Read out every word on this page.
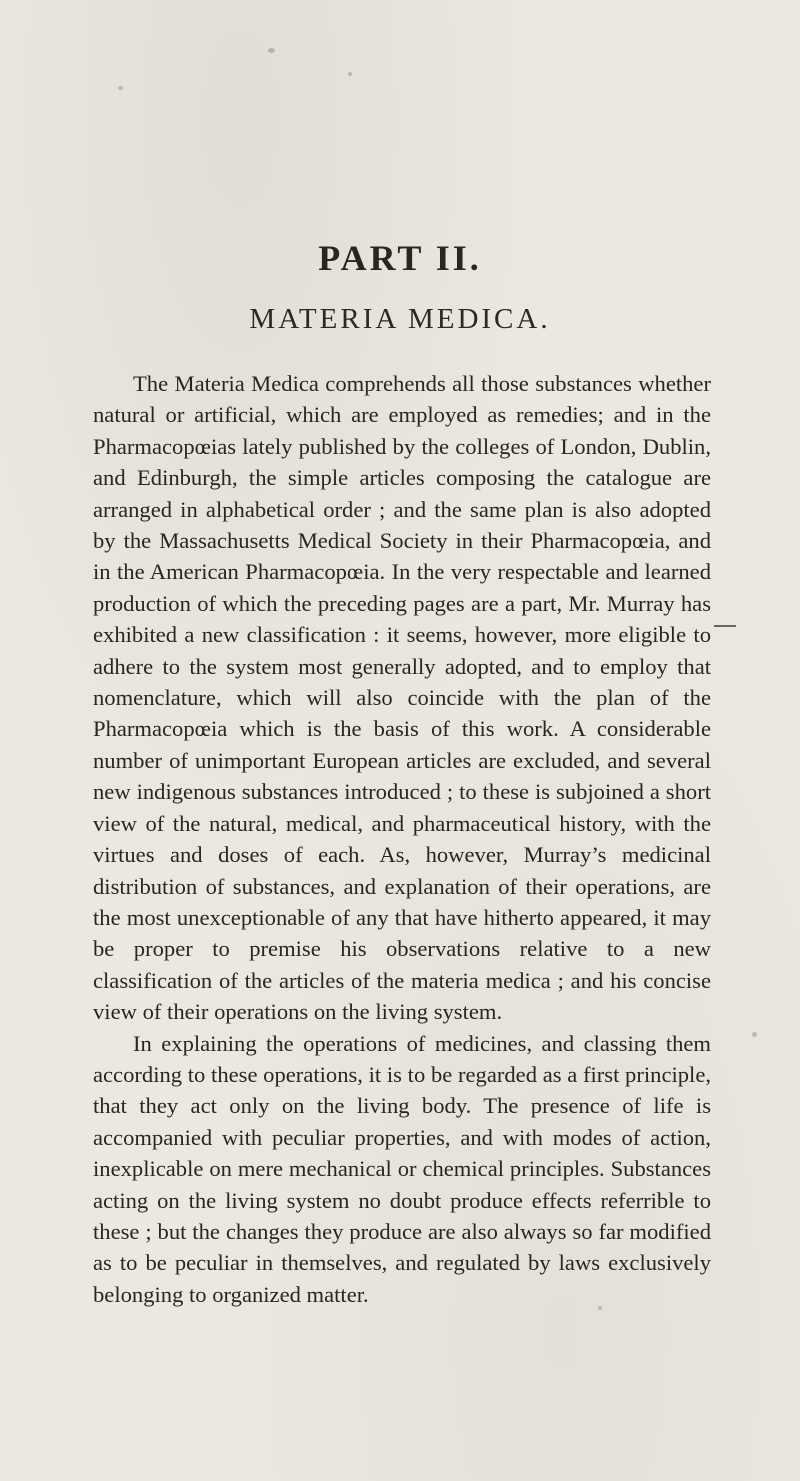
PART II.
MATERIA MEDICA.

The Materia Medica comprehends all those substances whether natural or artificial, which are employed as remedies; and in the Pharmacopœias lately published by the colleges of London, Dublin, and Edinburgh, the simple articles composing the catalogue are arranged in alphabetical order ; and the same plan is also adopted by the Massachusetts Medical Society in their Pharmacopœia, and in the American Pharmacopœia. In the very respectable and learned production of which the preceding pages are a part, Mr. Murray has exhibited a new classification : it seems, however, more eligible to adhere to the system most generally adopted, and to employ that nomenclature, which will also coincide with the plan of the Pharmacopœia which is the basis of this work. A considerable number of unimportant European articles are excluded, and several new indigenous substances introduced ; to these is subjoined a short view of the natural, medical, and pharmaceutical history, with the virtues and doses of each. As, however, Murray’s medicinal distribution of substances, and explanation of their operations, are the most unexceptionable of any that have hitherto appeared, it may be proper to premise his observations relative to a new classification of the articles of the materia medica ; and his concise view of their operations on the living system.

In explaining the operations of medicines, and classing them according to these operations, it is to be regarded as a first principle, that they act only on the living body. The presence of life is accompanied with peculiar properties, and with modes of action, inexplicable on mere mechanical or chemical principles. Substances acting on the living system no doubt produce effects referrible to these ; but the changes they produce are also always so far modified as to be peculiar in themselves, and regulated by laws exclusively belonging to organized matter.
